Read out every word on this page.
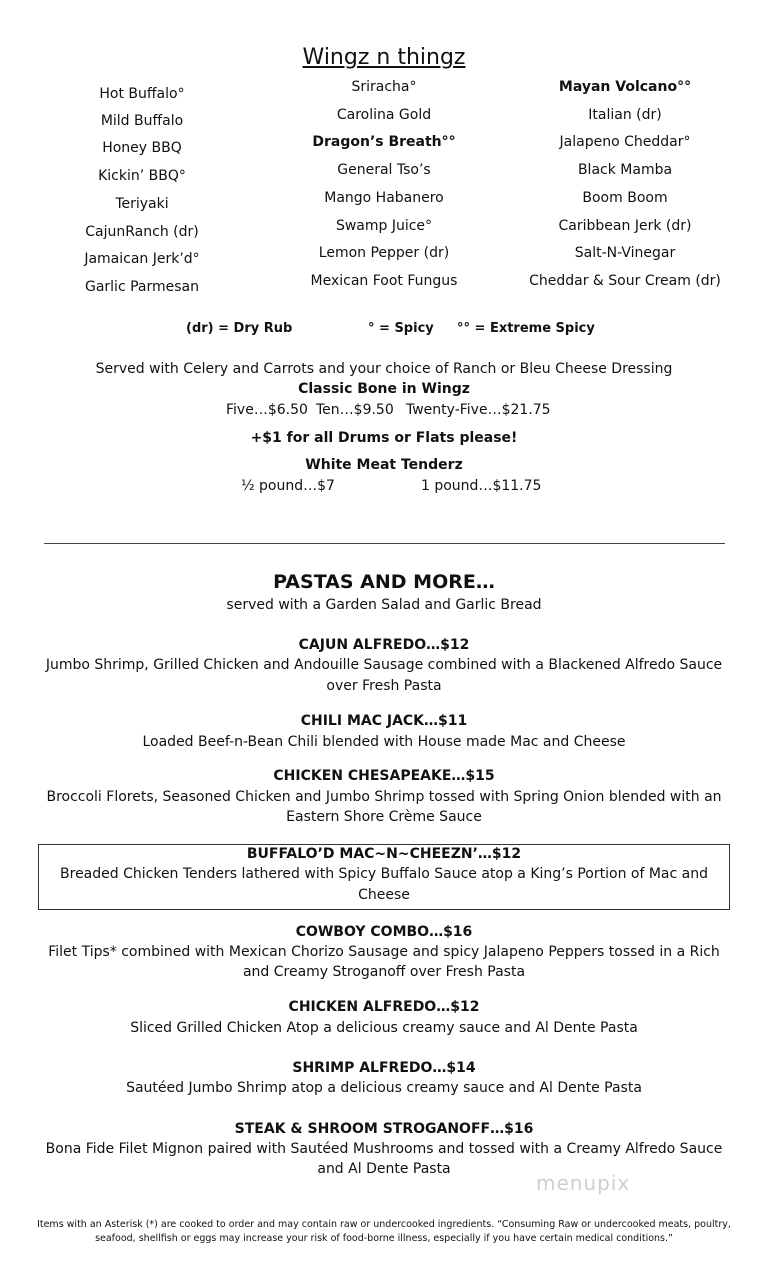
Wingz n thingz
Hot Buffalo°
Mild Buffalo
Honey BBQ
Kickin’ BBQ°
Teriyaki
CajunRanch (dr)
Jamaican Jerk’d°
Garlic Parmesan
Sriracha°
Carolina Gold
Dragon’s Breath°°
General Tso’s
Mango Habanero
Swamp Juice°
Lemon Pepper (dr)
Mexican Foot Fungus
Mayan Volcano°°
Italian (dr)
Jalapeno Cheddar°
Black Mamba
Boom Boom
Caribbean Jerk (dr)
Salt-N-Vinegar
Cheddar & Sour Cream (dr)
(dr) = Dry Rub	° = Spicy °° = Extreme Spicy
Served with Celery and Carrots and your choice of Ranch or Bleu Cheese Dressing
Classic Bone in Wingz
Five…$6.50 Ten…$9.50 Twenty-Five…$21.75
+$1 for all Drums or Flats please!
White Meat Tenderz
½ pound…$7	1 pound…$11.75
PASTAS AND MORE…
served with a Garden Salad and Garlic Bread
CAJUN ALFREDO…$12
Jumbo Shrimp, Grilled Chicken and Andouille Sausage combined with a Blackened Alfredo Sauce
over Fresh Pasta
CHILI MAC JACK…$11
Loaded Beef-n-Bean Chili blended with House made Mac and Cheese
CHICKEN CHESAPEAKE…$15
Broccoli Florets, Seasoned Chicken and Jumbo Shrimp tossed with Spring Onion blended with an
Eastern Shore Crème Sauce
BUFFALO’D MAC~N~CHEEZN’…$12
Breaded Chicken Tenders lathered with Spicy Buffalo Sauce atop a King’s Portion of Mac and
Cheese
COWBOY COMBO…$16
Filet Tips* combined with Mexican Chorizo Sausage and spicy Jalapeno Peppers tossed in a Rich
and Creamy Stroganoff over Fresh Pasta
CHICKEN ALFREDO…$12
Sliced Grilled Chicken Atop a delicious creamy sauce and Al Dente Pasta
SHRIMP ALFREDO…$14
Sautéed Jumbo Shrimp atop a delicious creamy sauce and Al Dente Pasta
STEAK & SHROOM STROGANOFF…$16
Bona Fide Filet Mignon paired with Sautéed Mushrooms and tossed with a Creamy Alfredo Sauce
and Al Dente Pasta
menupix
Items with an Asterisk (*) are cooked to order and may contain raw or undercooked ingredients. “Consuming Raw or undercooked meats, poultry,
seafood, shellfish or eggs may increase your risk of food-borne illness, especially if you have certain medical conditions.”
